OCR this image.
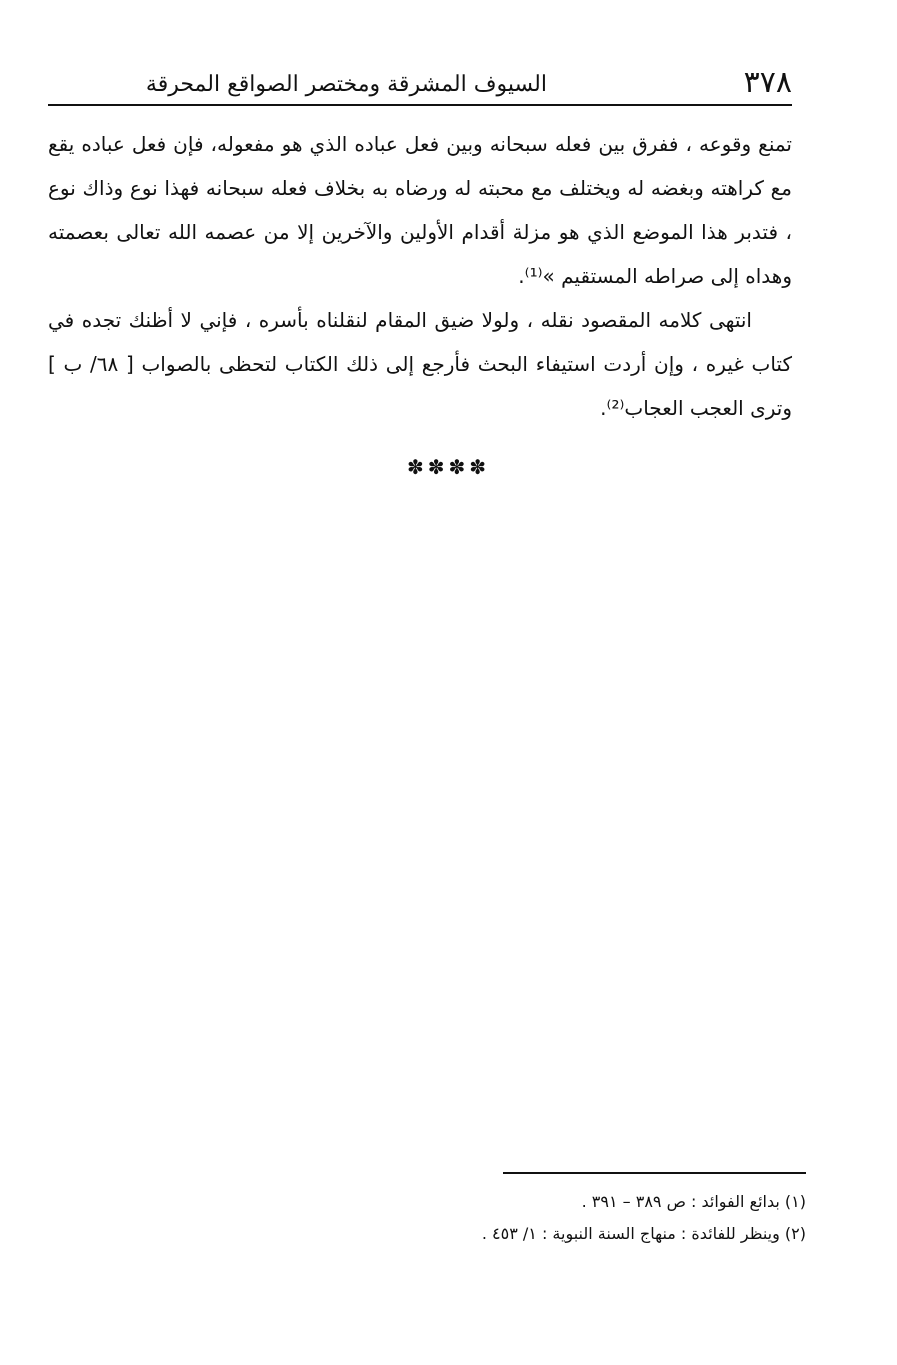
٣٧٨
السيوف المشرقة ومختصر الصواقع المحرقة

تمنع وقوعه ، ففرق بين فعله سبحانه وبين فعل عباده الذي هو مفعوله، فإن فعل عباده يقع مع كراهته وبغضه له ويختلف مع محبته له ورضاه به بخلاف فعله سبحانه فهذا نوع وذاك نوع ، فتدبر هذا الموضع الذي هو مزلة أقدام الأولين والآخرين إلا من عصمه الله تعالى بعصمته وهداه إلى صراطه المستقيم »⁽¹⁾.

انتهى كلامه المقصود نقله ، ولولا ضيق المقام لنقلناه بأسره ، فإني لا أظنك تجده في كتاب غيره ، وإن أردت استيفاء البحث فأرجع إلى ذلك الكتاب لتحظى بالصواب [ ٦٨/ ب ] وترى العجب العجاب⁽²⁾.

✽✽✽✽

(١) بدائع الفوائد : ص ٣٨٩ – ٣٩١ .

(٢) وينظر للفائدة : منهاج السنة النبوية : ١/ ٤٥٣ .
